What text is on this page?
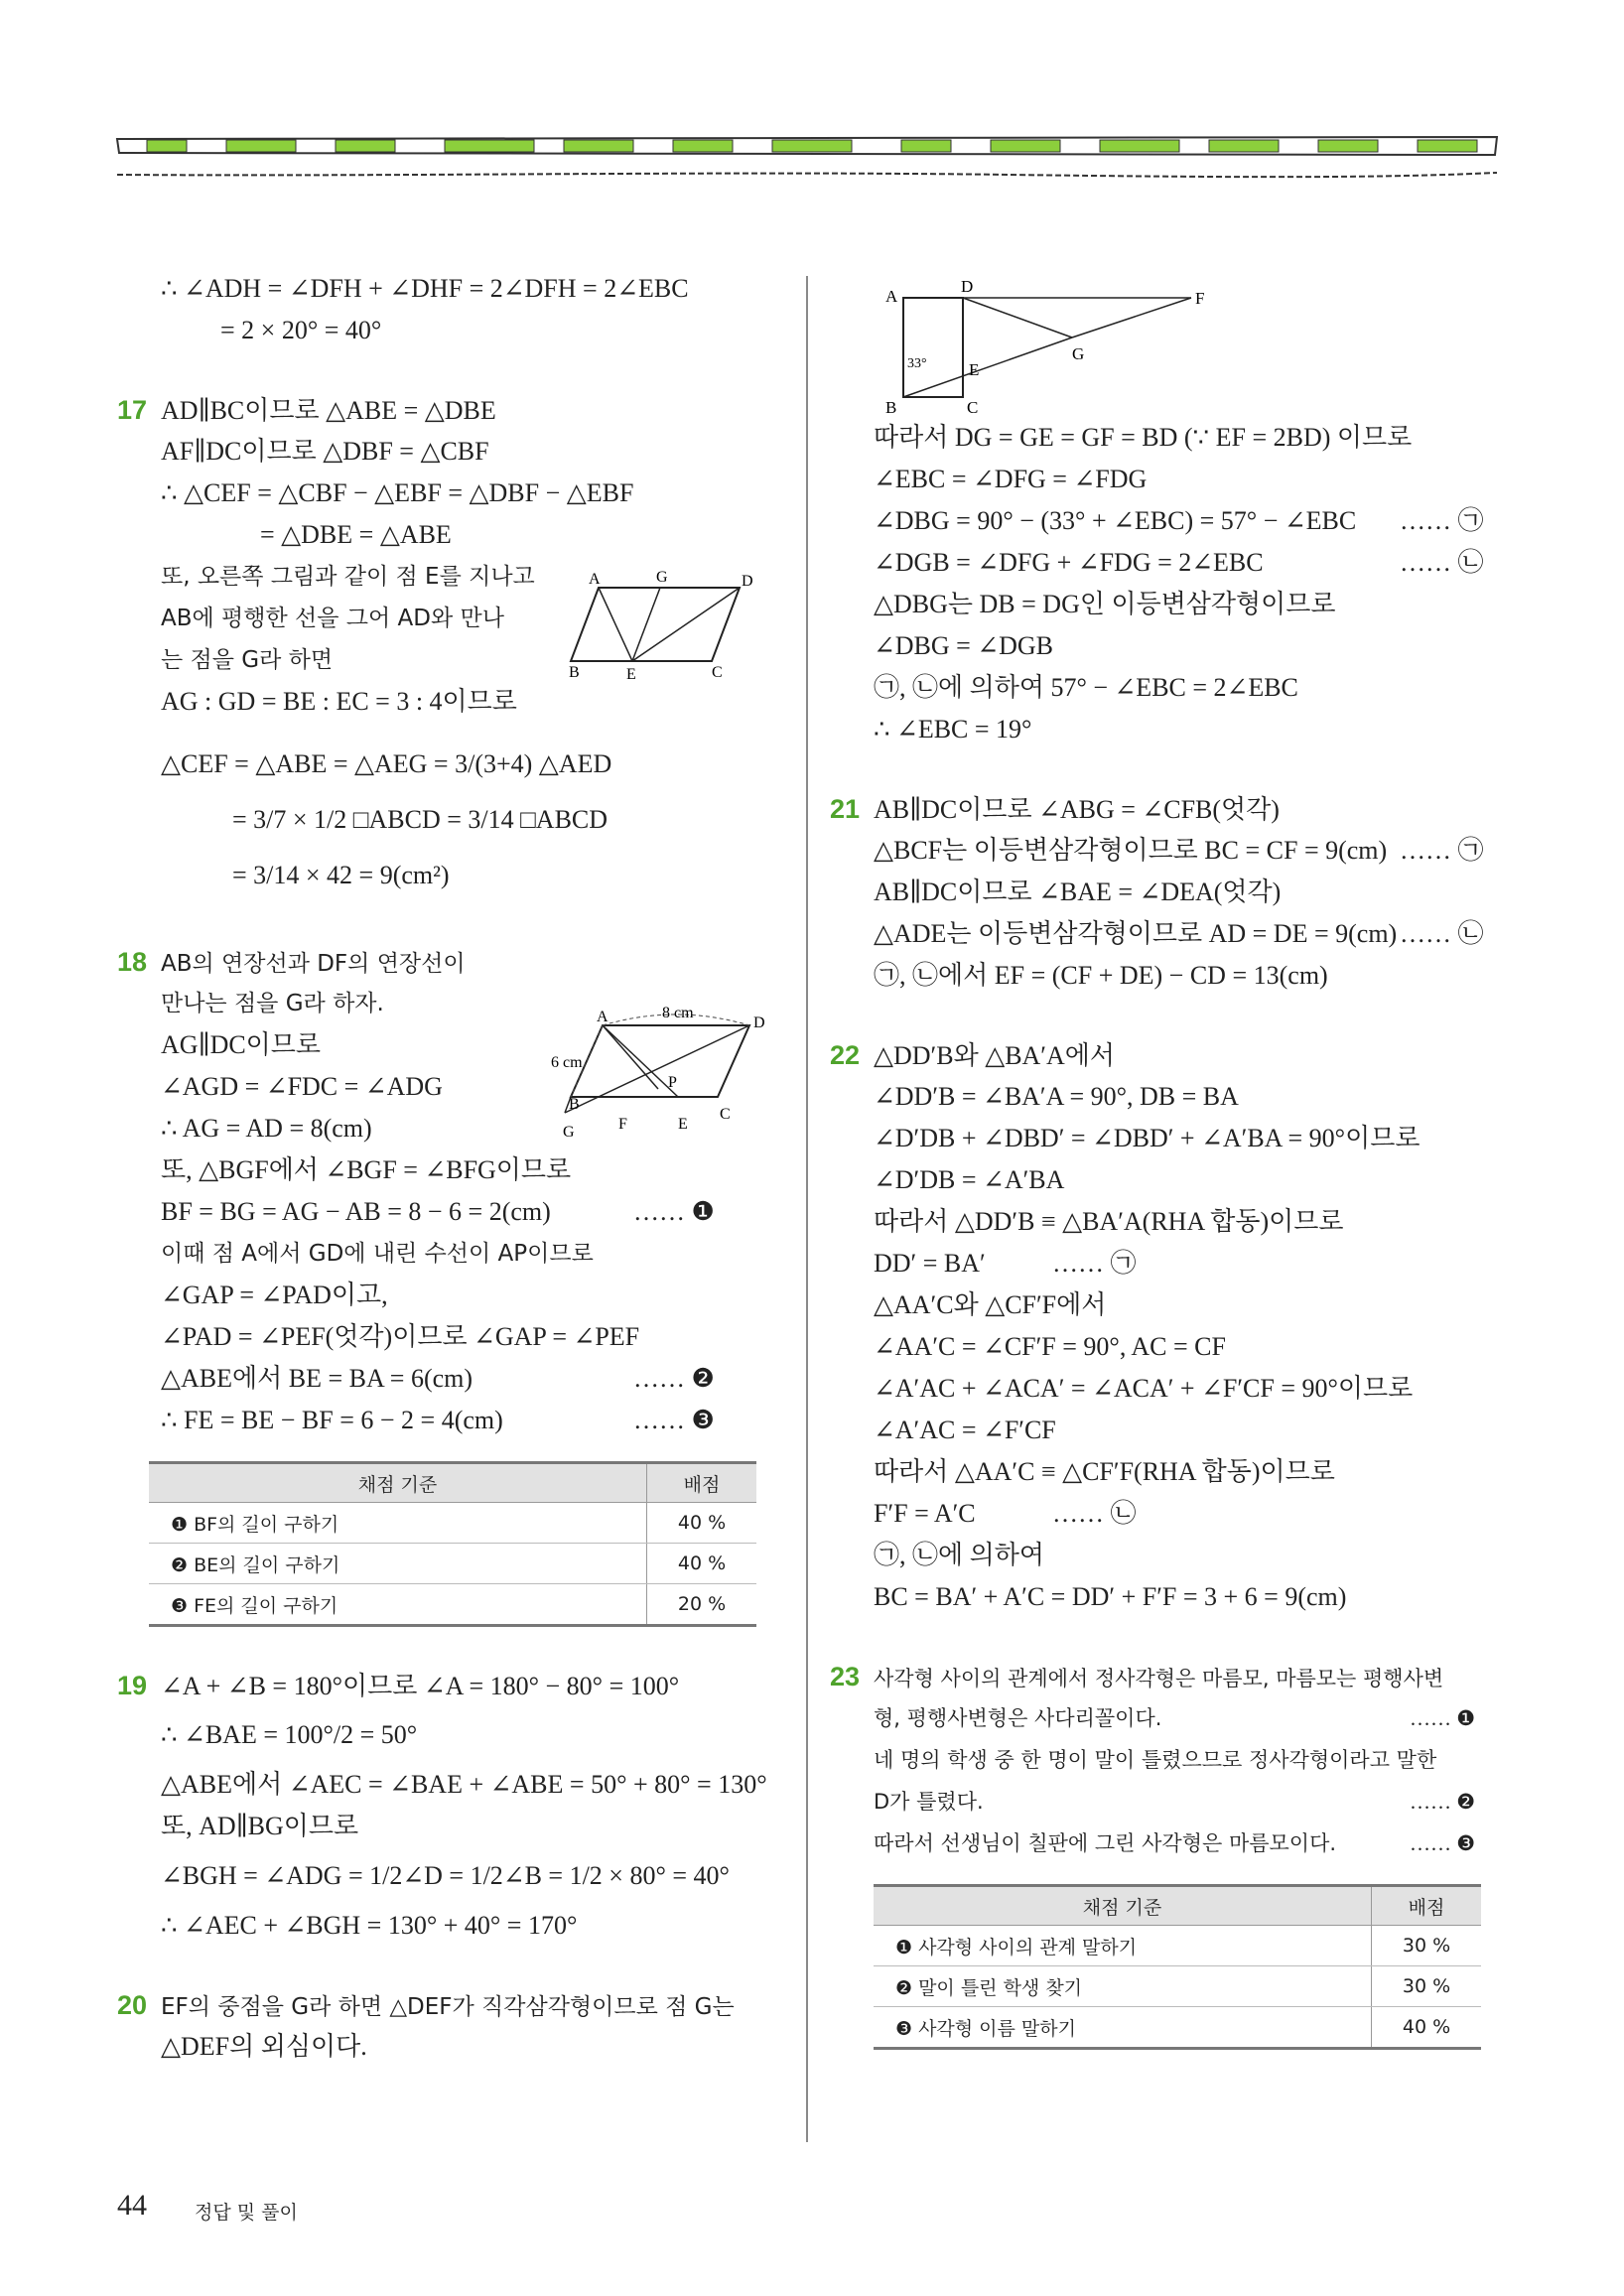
∴ ∠ADH = ∠DFH + ∠DHF = 2∠DFH = 2∠EBC
= 2 × 20° = 40°
17 AD∥BC이므로 △ABE = △DBE
AF∥DC이므로 △DBF = △CBF
∴ △CEF = △CBF − △EBF = △DBF − △EBF
= △DBE = △ABE
또, 오른쪽 그림과 같이 점 E를 지나고
AB에 평행한 선을 그어 AD와 만나
는 점을 G라 하면
AG : GD = BE : EC = 3 : 4이므로
△CEF = △ABE = △AEG = 3/(3+4) △AED
= 3/7 × 1/2 □ABCD = 3/14 □ABCD
= 3/14 × 42 = 9(cm²)
18 AB의 연장선과 DF의 연장선이
만나는 점을 G라 하자.
AG∥DC이므로
∠AGD = ∠FDC = ∠ADG
∴ AG = AD = 8(cm)
또, △BGF에서 ∠BGF = ∠BFG이므로
BF = BG = AG − AB = 8 − 6 = 2(cm)	…… ❶
이때 점 A에서 GD에 내린 수선이 AP이므로
∠GAP = ∠PAD이고,
∠PAD = ∠PEF(엇각)이므로 ∠GAP = ∠PEF
△ABE에서 BE = BA = 6(cm)	…… ❷
∴ FE = BE − BF = 6 − 2 = 4(cm)	…… ❸
채점 기준	배점
❶ BF의 길이 구하기	40 %
❷ BE의 길이 구하기	40 %
❸ FE의 길이 구하기	20 %
19 ∠A + ∠B = 180°이므로 ∠A = 180° − 80° = 100°
∴ ∠BAE = 100°/2 = 50°
△ABE에서 ∠AEC = ∠BAE + ∠ABE = 50° + 80° = 130°
또, AD∥BG이므로
∠BGH = ∠ADG = 1/2∠D = 1/2∠B = 1/2 × 80° = 40°
∴ ∠AEC + ∠BGH = 130° + 40° = 170°
20 EF의 중점을 G라 하면 △DEF가 직각삼각형이므로 점 G는
△DEF의 외심이다.
A	G	D
B	E	C
A	8 cm
D
6 cm
P
B
F	E
C
G
A
D
F
33° E
G
B	C
따라서 DG = GE = GF = BD (∵ EF = 2BD) 이므로
∠EBC = ∠DFG = ∠FDG
∠DBG = 90° − (33° + ∠EBC) = 57° − ∠EBC …… ㉠
∠DGB = ∠DFG + ∠FDG = 2∠EBC	…… ㉡
△DBG는 DB = DG인 이등변삼각형이므로
∠DBG = ∠DGB
㉠, ㉡에 의하여 57° − ∠EBC = 2∠EBC
∴ ∠EBC = 19°
21 AB∥DC이므로 ∠ABG = ∠CFB(엇각)
△BCF는 이등변삼각형이므로 BC = CF = 9(cm) …… ㉠
AB∥DC이므로 ∠BAE = ∠DEA(엇각)
△ADE는 이등변삼각형이므로 AD = DE = 9(cm) …… ㉡
㉠, ㉡에서 EF = (CF + DE) − CD = 13(cm)
22 △DD′B와 △BA′A에서
∠DD′B = ∠BA′A = 90°, DB = BA
∠D′DB + ∠DBD′ = ∠DBD′ + ∠A′BA = 90°이므로
∠D′DB = ∠A′BA
따라서 △DD′B ≡ △BA′A(RHA 합동)이므로
DD′ = BA′	…… ㉠
△AA′C와 △CF′F에서
∠AA′C = ∠CF′F = 90°, AC = CF
∠A′AC + ∠ACA′ = ∠ACA′ + ∠F′CF = 90°이므로
∠A′AC = ∠F′CF
따라서 △AA′C ≡ △CF′F(RHA 합동)이므로
F′F = A′C	…… ㉡
㉠, ㉡에 의하여
BC = BA′ + A′C = DD′ + F′F = 3 + 6 = 9(cm)
23 사각형 사이의 관계에서 정사각형은 마름모, 마름모는 평행사변
형, 평행사변형은 사다리꼴이다.	…… ❶
네 명의 학생 중 한 명이 말이 틀렸으므로 정사각형이라고 말한
D가 틀렸다.	…… ❷
따라서 선생님이 칠판에 그린 사각형은 마름모이다.	…… ❸
채점 기준	배점
❶ 사각형 사이의 관계 말하기	30 %
❷ 말이 틀린 학생 찾기	30 %
❸ 사각형 이름 말하기	40 %
44	정답 및 풀이
